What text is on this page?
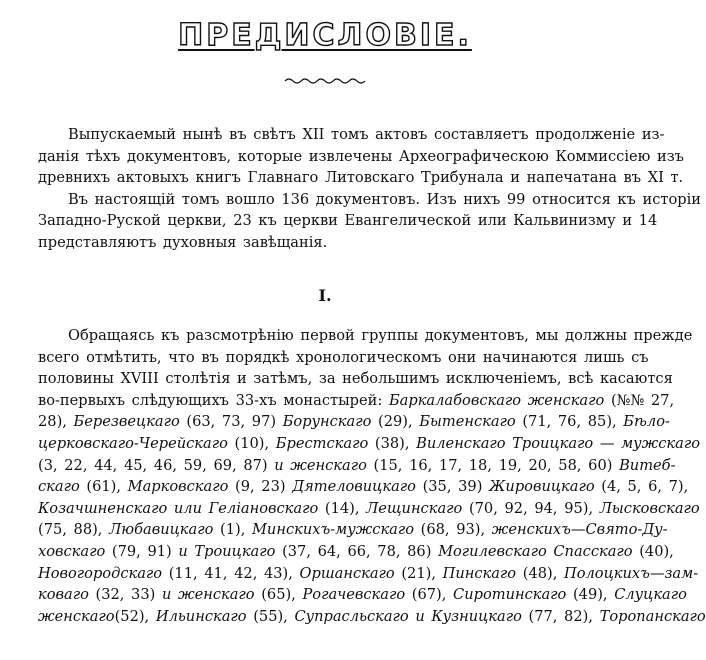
ПРЕДИСЛОВІЕ.
Выпускаемый нынѣ въ свѣтъ XII томъ актовъ составляетъ продолженіе из-
данія тѣхъ документовъ, которые извлечены Археографическою Коммиссіею изъ
древнихъ актовыхъ книгъ Главнаго Литовскаго Трибунала и напечатана въ XI т.
Въ настоящій томъ вошло 136 документовъ. Изъ нихъ 99 относится къ исторіи
Западно-Руской церкви, 23 къ церкви Евангелической или Кальвинизму и 14
представляютъ духовныя завѣщанія.
I.
Обращаясь къ разсмотрѣнію первой группы документовъ, мы должны прежде
всего отмѣтить, что въ порядкѣ хронологическомъ они начинаются лишь съ
половины XVIII столѣтія и затѣмъ, за небольшимъ исключеніемъ, всѣ касаются
во-первыхъ слѣдующихъ 33-хъ монастырей: Баркалабовскаго женскаго (№№ 27,
28), Березвецкаго (63, 73, 97) Борунскаго (29), Бытенскаго (71, 76, 85), Бѣло-
церковскаго-Черейскаго (10), Брестскаго (38), Виленскаго Троицкаго — мужскаго
(3, 22, 44, 45, 46, 59, 69, 87) и женскаго (15, 16, 17, 18, 19, 20, 58, 60) Витеб-
скаго (61), Марковскаго (9, 23) Дятеловицкаго (35, 39) Жировицкаго (4, 5, 6, 7),
Козачшненскаго или Геліановскаго (14), Лещинскаго (70, 92, 94, 95), Лысковскаго
(75, 88), Любавицкаго (1), Минскихъ-мужскаго (68, 93), женскихъ—Свято-Ду-
ховскаго (79, 91) и Троицкаго (37, 64, 66, 78, 86) Могилевскаго Спасскаго (40),
Новогородскаго (11, 41, 42, 43), Оршанскаго (21), Пинскаго (48), Полоцкихъ—зам-
коваго (32, 33) и женскаго (65), Рогачевскаго (67), Сиротинскаго (49), Слуцкаго
женскаго(52), Ильинскаго (55), Супрасльскаго и Кузницкаго (77, 82), Торопанскаго
